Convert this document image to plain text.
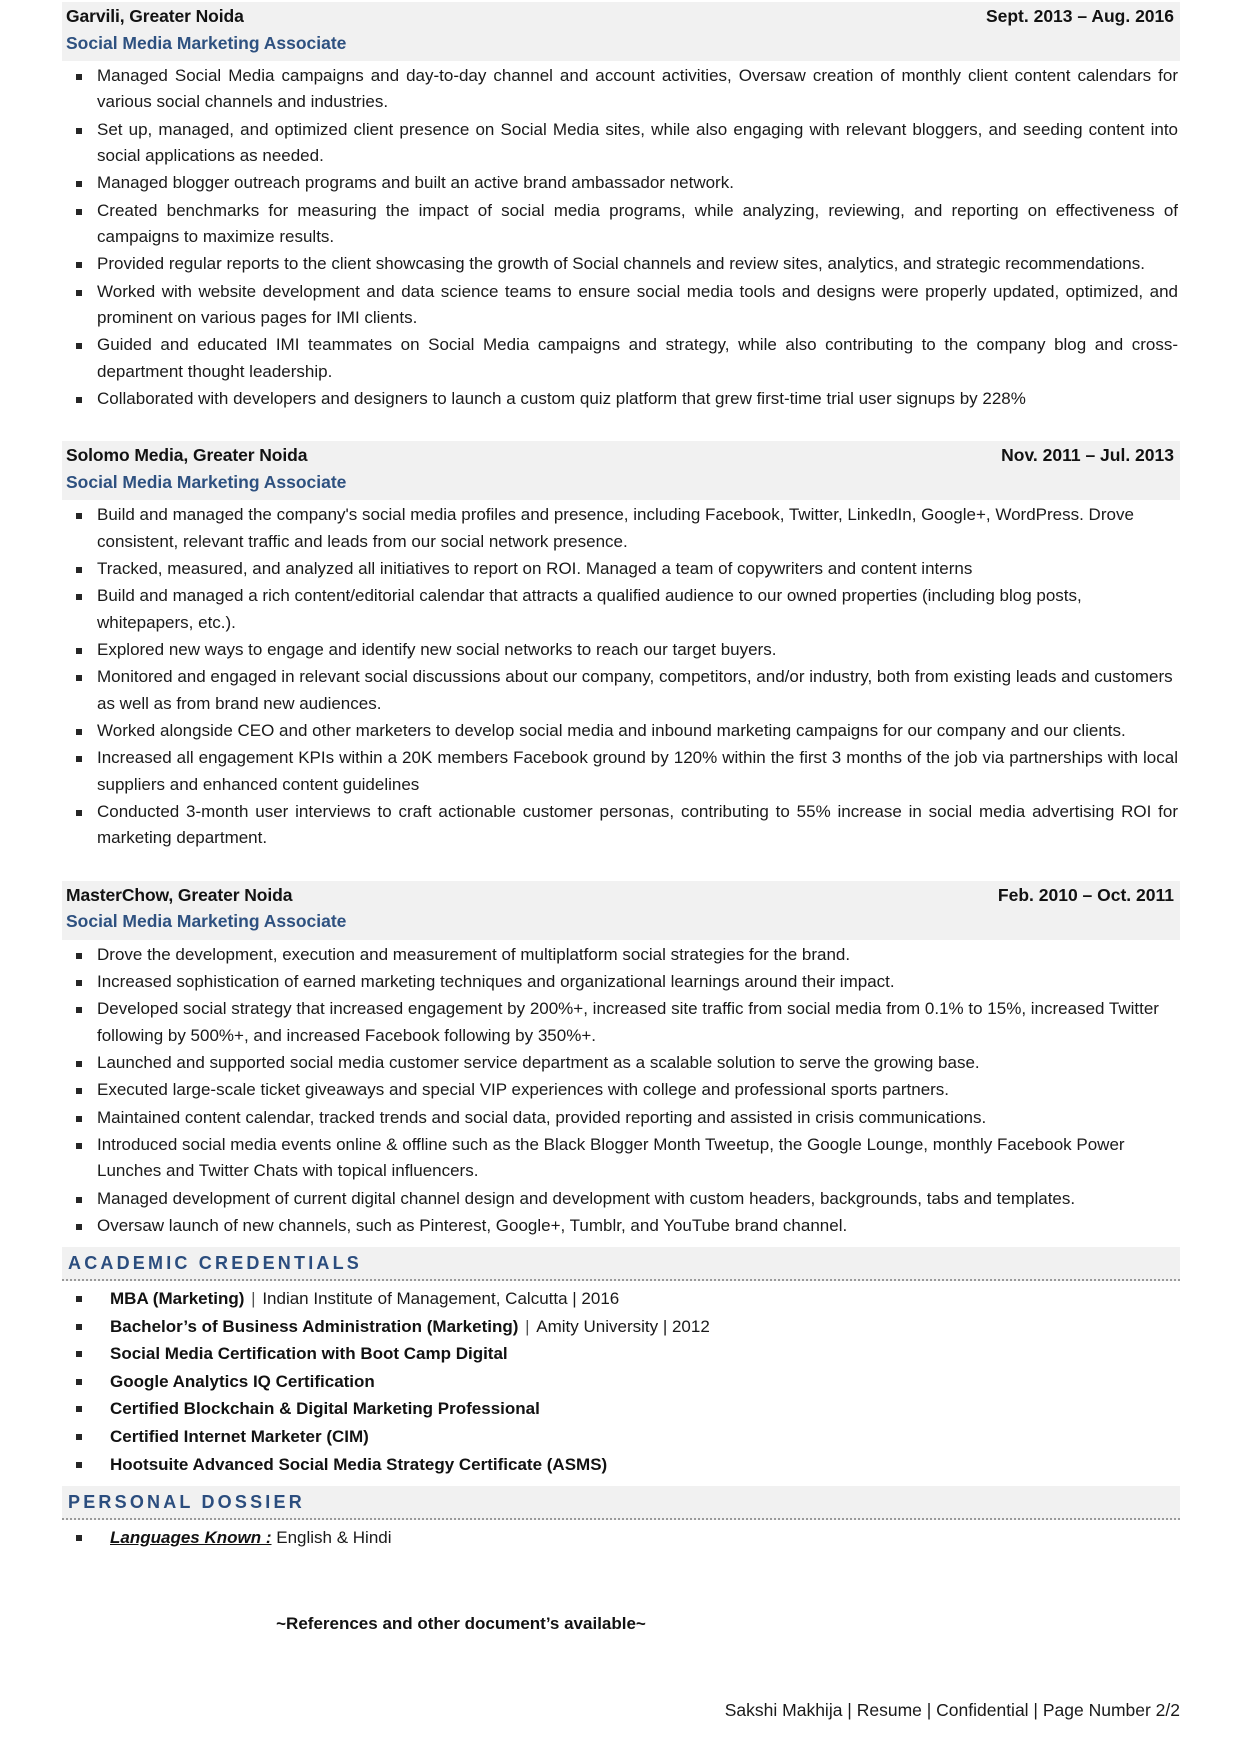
Garvili, Greater Noida	Sept. 2013 – Aug. 2016
Social Media Marketing Associate
Managed Social Media campaigns and day-to-day channel and account activities, Oversaw creation of monthly client content calendars for various social channels and industries.
Set up, managed, and optimized client presence on Social Media sites, while also engaging with relevant bloggers, and seeding content into social applications as needed.
Managed blogger outreach programs and built an active brand ambassador network.
Created benchmarks for measuring the impact of social media programs, while analyzing, reviewing, and reporting on effectiveness of campaigns to maximize results.
Provided regular reports to the client showcasing the growth of Social channels and review sites, analytics, and strategic recommendations.
Worked with website development and data science teams to ensure social media tools and designs were properly updated, optimized, and prominent on various pages for IMI clients.
Guided and educated IMI teammates on Social Media campaigns and strategy, while also contributing to the company blog and cross-department thought leadership.
Collaborated with developers and designers to launch a custom quiz platform that grew first-time trial user signups by 228%
Solomo Media, Greater Noida	Nov. 2011 – Jul. 2013
Social Media Marketing Associate
Build and managed the company's social media profiles and presence, including Facebook, Twitter, LinkedIn, Google+, WordPress. Drove consistent, relevant traffic and leads from our social network presence.
Tracked, measured, and analyzed all initiatives to report on ROI. Managed a team of copywriters and content interns
Build and managed a rich content/editorial calendar that attracts a qualified audience to our owned properties (including blog posts, whitepapers, etc.).
Explored new ways to engage and identify new social networks to reach our target buyers.
Monitored and engaged in relevant social discussions about our company, competitors, and/or industry, both from existing leads and customers as well as from brand new audiences.
Worked alongside CEO and other marketers to develop social media and inbound marketing campaigns for our company and our clients.
Increased all engagement KPIs within a 20K members Facebook ground by 120% within the first 3 months of the job via partnerships with local suppliers and enhanced content guidelines
Conducted 3-month user interviews to craft actionable customer personas, contributing to 55% increase in social media advertising ROI for marketing department.
MasterChow, Greater Noida	Feb. 2010 – Oct. 2011
Social Media Marketing Associate
Drove the development, execution and measurement of multiplatform social strategies for the brand.
Increased sophistication of earned marketing techniques and organizational learnings around their impact.
Developed social strategy that increased engagement by 200%+, increased site traffic from social media from 0.1% to 15%, increased Twitter following by 500%+, and increased Facebook following by 350%+.
Launched and supported social media customer service department as a scalable solution to serve the growing base.
Executed large-scale ticket giveaways and special VIP experiences with college and professional sports partners.
Maintained content calendar, tracked trends and social data, provided reporting and assisted in crisis communications.
Introduced social media events online & offline such as the Black Blogger Month Tweetup, the Google Lounge, monthly Facebook Power Lunches and Twitter Chats with topical influencers.
Managed development of current digital channel design and development with custom headers, backgrounds, tabs and templates.
Oversaw launch of new channels, such as Pinterest, Google+, Tumblr, and YouTube brand channel.
ACADEMIC CREDENTIALS
MBA (Marketing) | Indian Institute of Management, Calcutta | 2016
Bachelor’s of Business Administration (Marketing) | Amity University | 2012
Social Media Certification with Boot Camp Digital
Google Analytics IQ Certification
Certified Blockchain & Digital Marketing Professional
Certified Internet Marketer (CIM)
Hootsuite Advanced Social Media Strategy Certificate (ASMS)
PERSONAL DOSSIER
Languages Known : English & Hindi
~References and other document’s available~
Sakshi Makhija | Resume | Confidential | Page Number 2/2
